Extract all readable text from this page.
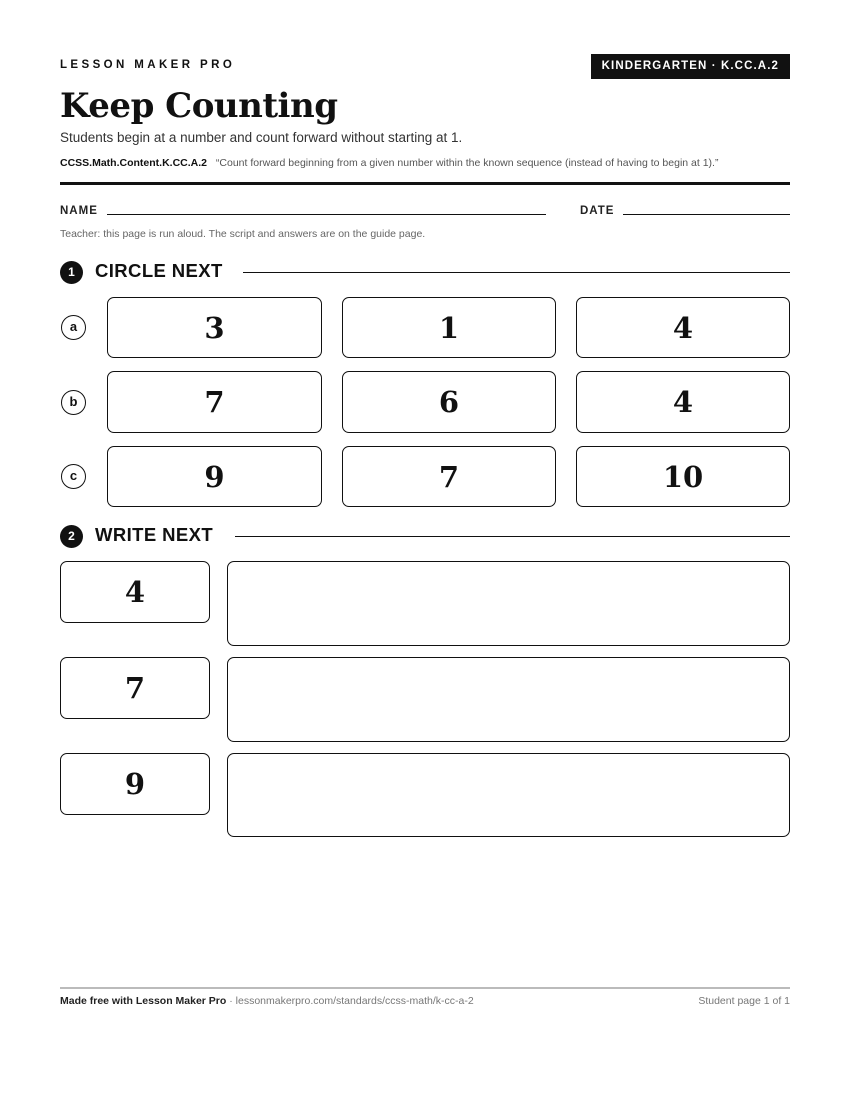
LESSON MAKER PRO	KINDERGARTEN · K.CC.A.2
Keep Counting
Students begin at a number and count forward without starting at 1.
CCSS.Math.Content.K.CC.A.2 “Count forward beginning from a given number within the known sequence (instead of having to begin at 1).”
NAME	DATE
Teacher: this page is run aloud. The script and answers are on the guide page.
1	CIRCLE NEXT
a	3	1	4
b	7	6	4
c	9	7	10
2	WRITE NEXT
4
7
9
Made free with Lesson Maker Pro · lessonmakerpro.com/standards/ccss-math/k-cc-a-2	Student page 1 of 1
